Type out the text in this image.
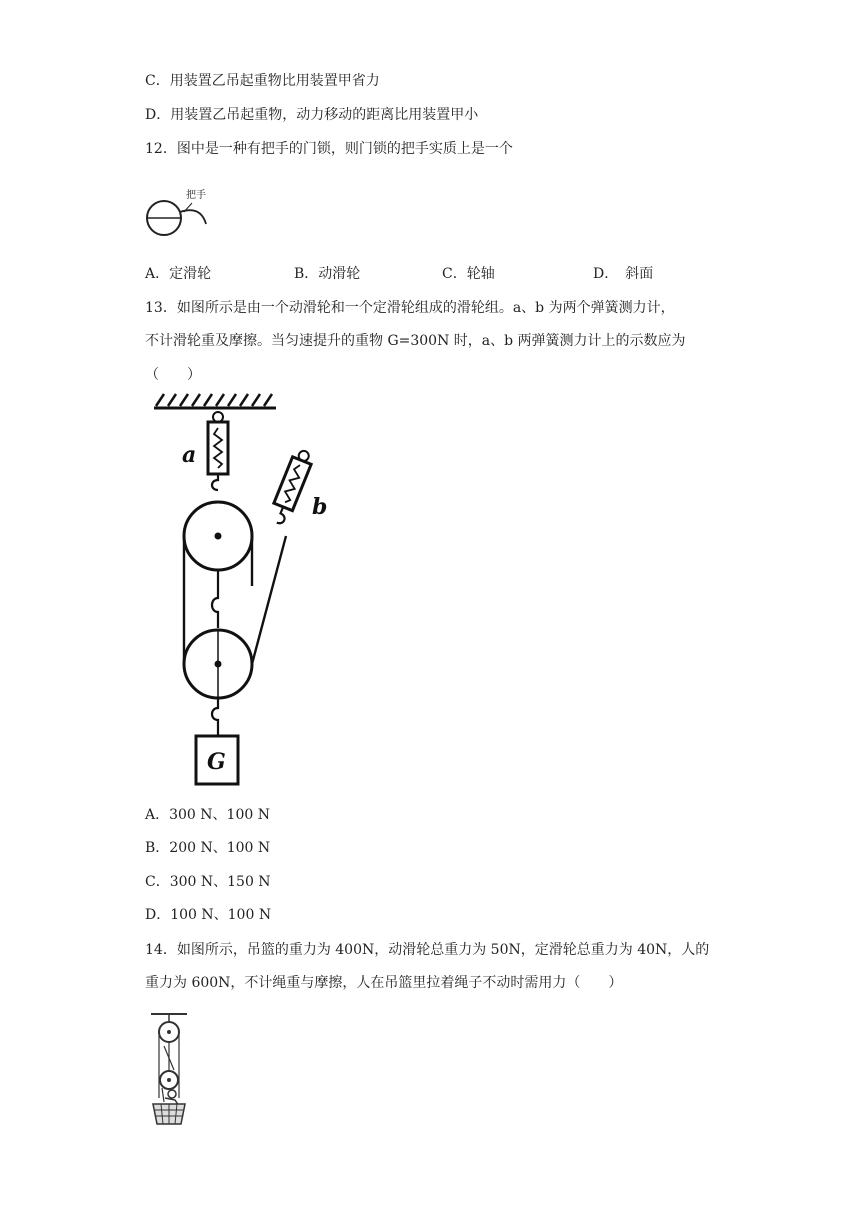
C．用装置乙吊起重物比用装置甲省力
D．用装置乙吊起重物，动力移动的距离比用装置甲小
12．图中是一种有把手的门锁，则门锁的把手实质上是一个
把手
A．定滑轮	B．动滑轮	C．轮轴	D．　斜面
13．如图所示是由一个动滑轮和一个定滑轮组成的滑轮组。a、b 为两个弹簧测力计，
不计滑轮重及摩擦。当匀速提升的重物 G=300N 时，a、b 两弹簧测力计上的示数应为
（　　）
a
b
G
A．300 N、100 N
B．200 N、100 N
C．300 N、150 N
D．100 N、100 N
14．如图所示，吊篮的重力为 400N，动滑轮总重力为 50N，定滑轮总重力为 40N，人的
重力为 600N，不计绳重与摩擦，人在吊篮里拉着绳子不动时需用力（　　）
